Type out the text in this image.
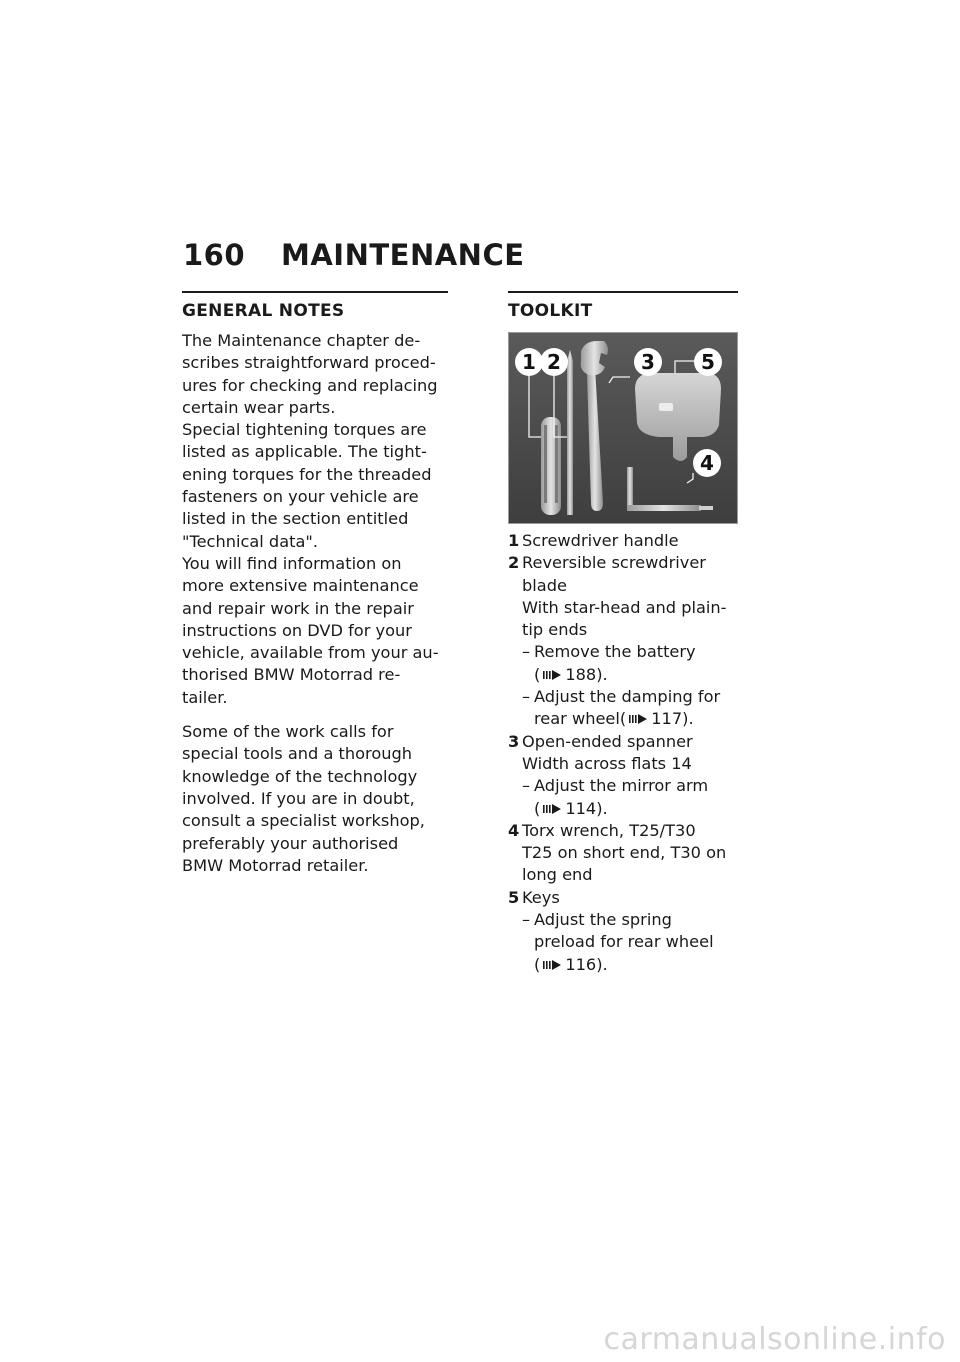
160 MAINTENANCE
GENERAL NOTES
The Maintenance chapter de-
scribes straightforward proced-
ures for checking and replacing
certain wear parts.
Special tightening torques are
listed as applicable. The tight-
ening torques for the threaded
fasteners on your vehicle are
listed in the section entitled
"Technical data".
You will find information on
more extensive maintenance
and repair work in the repair
instructions on DVD for your
vehicle, available from your au-
thorised BMW Motorrad re-
tailer.
Some of the work calls for
special tools and a thorough
knowledge of the technology
involved. If you are in doubt,
consult a specialist workshop,
preferably your authorised
BMW Motorrad retailer.
TOOLKIT
1 2	3 5
4
1 Screwdriver handle
2 Reversible screwdriver
blade
With star-head and plain-
tip ends
– Remove the battery
( 188).
– Adjust the damping for
rear wheel( 117).
3 Open-ended spanner
Width across flats 14
– Adjust the mirror arm
( 114).
4 Torx wrench, T25/T30
T25 on short end, T30 on
long end
5 Keys
– Adjust the spring
preload for rear wheel
( 116).
carmanualsonline.info
